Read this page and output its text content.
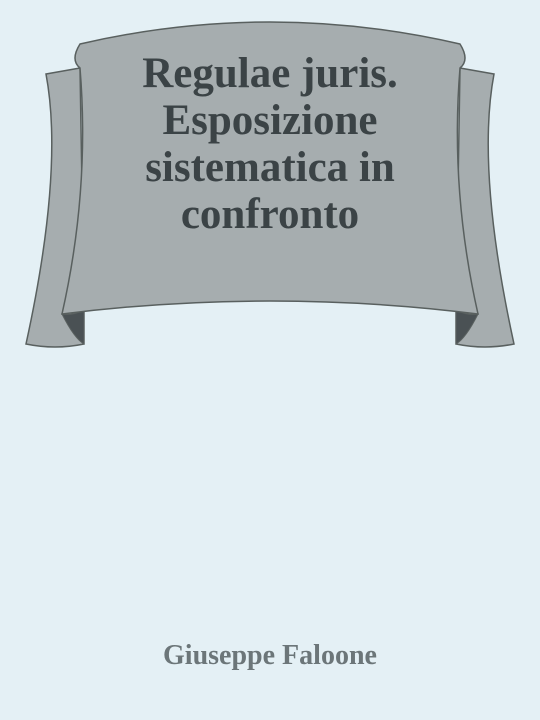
Regulae juris. Esposizione sistematica in confronto
Giuseppe Faloone
